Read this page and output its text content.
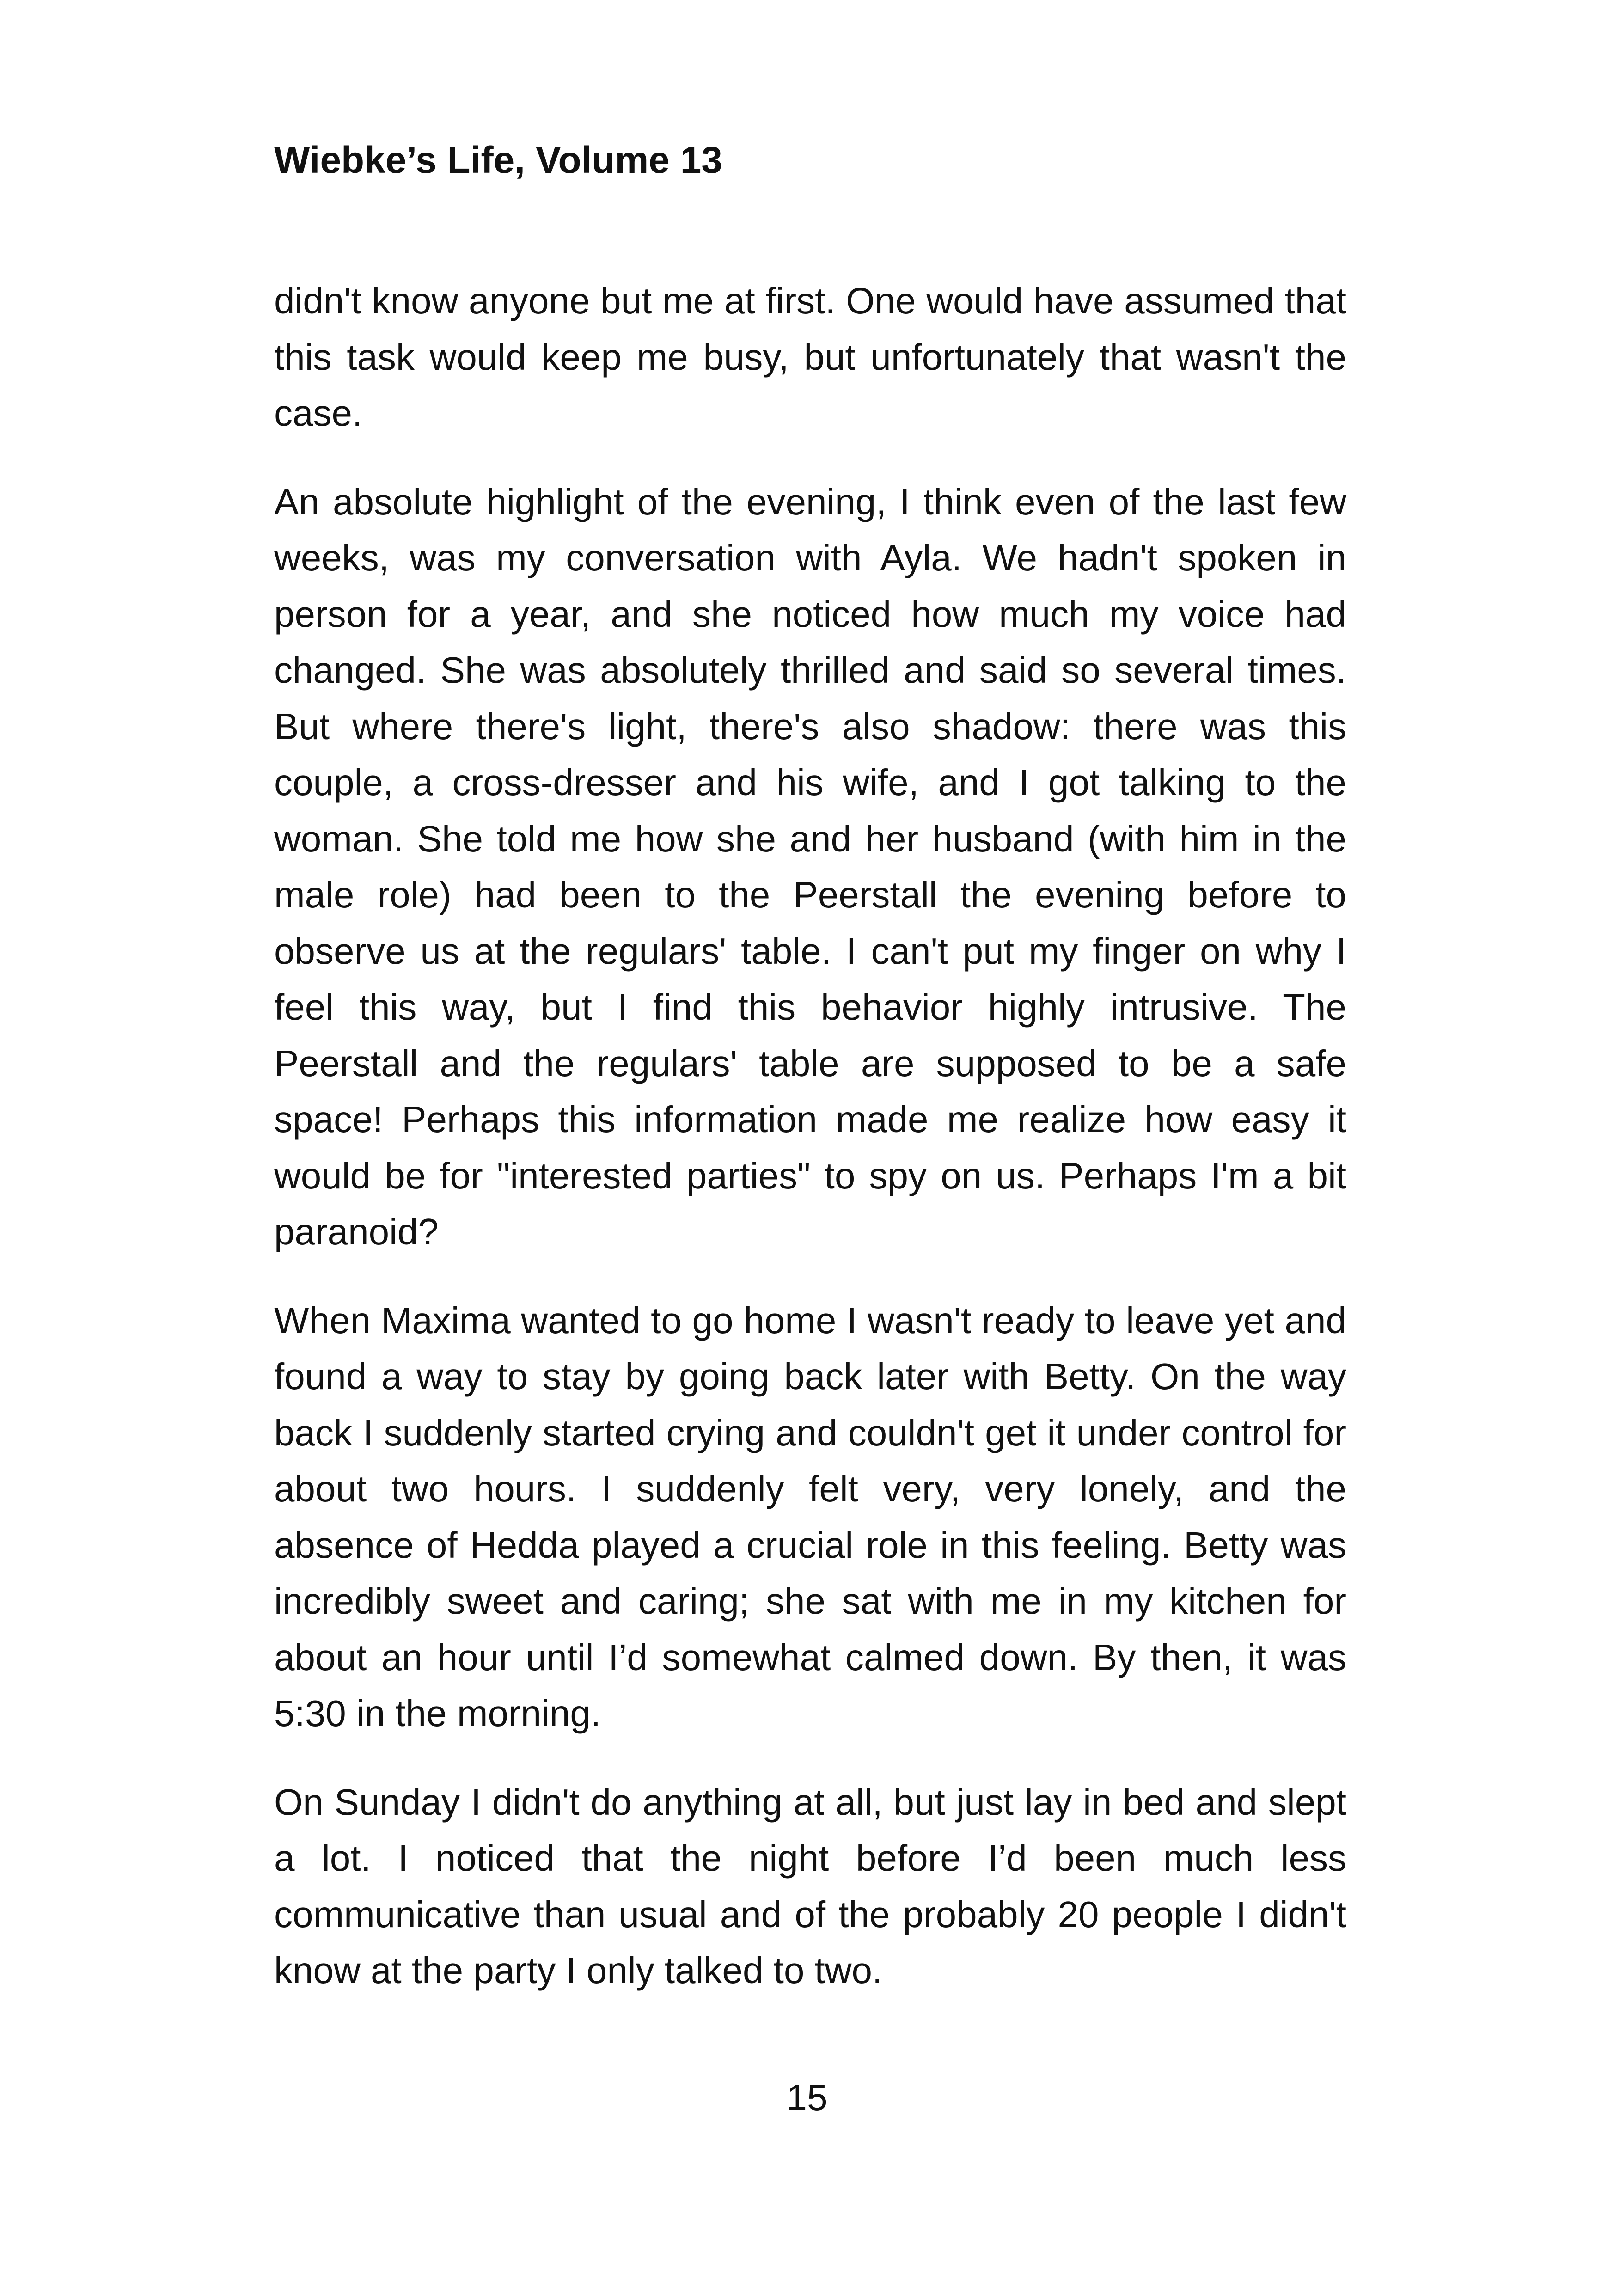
Wiebke’s Life, Volume 13

didn't know anyone but me at first. One would have assumed that this task would keep me busy, but unfortunately that wasn't the case.

An absolute highlight of the evening, I think even of the last few weeks, was my conversation with Ayla. We hadn't spoken in person for a year, and she noticed how much my voice had changed. She was absolutely thrilled and said so several times. But where there's light, there's also shadow: there was this couple, a cross-dresser and his wife, and I got talking to the woman. She told me how she and her husband (with him in the male role) had been to the Peerstall the evening before to observe us at the regulars' table. I can't put my finger on why I feel this way, but I find this behavior highly intrusive. The Peerstall and the regulars' table are supposed to be a safe space! Perhaps this information made me realize how easy it would be for "interested parties" to spy on us. Perhaps I'm a bit paranoid?

When Maxima wanted to go home I wasn't ready to leave yet and found a way to stay by going back later with Betty. On the way back I suddenly started crying and couldn't get it under control for about two hours. I suddenly felt very, very lonely, and the absence of Hedda played a crucial role in this feeling. Betty was incredibly sweet and caring; she sat with me in my kitchen for about an hour until I’d somewhat calmed down. By then, it was 5:30 in the morning.

On Sunday I didn't do anything at all, but just lay in bed and slept a lot. I noticed that the night before I’d been much less communicative than usual and of the probably 20 people I didn't know at the party I only talked to two.

15
